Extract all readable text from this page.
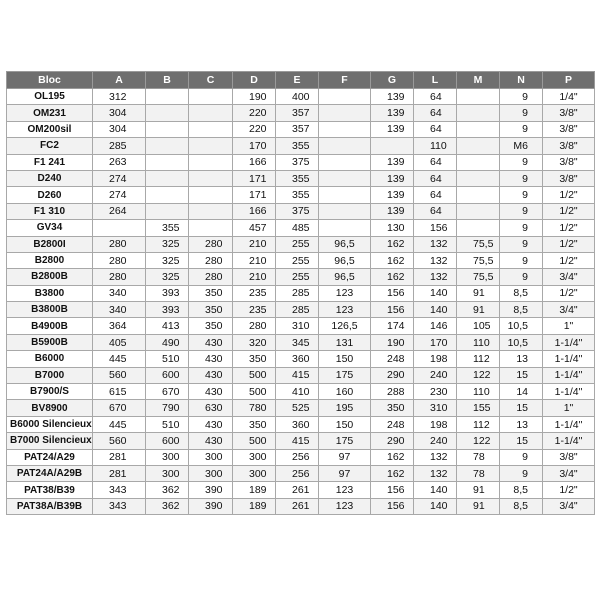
Bloc	A	B	C	D	E	F	G	L	M	N	P
OL195	312			190	400		139	64		9	1/4"
OM231	304			220	357		139	64		9	3/8"
OM200sil	304			220	357		139	64		9	3/8"
FC2	285			170	355			110		M6	3/8"
F1 241	263			166	375		139	64		9	3/8"
D240	274			171	355		139	64		9	3/8"
D260	274			171	355		139	64		9	1/2"
F1 310	264			166	375		139	64		9	1/2"
GV34		355		457	485		130	156		9	1/2"
B2800I	280	325	280	210	255	96,5	162	132	75,5	9	1/2"
B2800	280	325	280	210	255	96,5	162	132	75,5	9	1/2"
B2800B	280	325	280	210	255	96,5	162	132	75,5	9	3/4"
B3800	340	393	350	235	285	123	156	140	91	8,5	1/2"
B3800B	340	393	350	235	285	123	156	140	91	8,5	3/4"
B4900B	364	413	350	280	310	126,5	174	146	105	10,5	1"
B5900B	405	490	430	320	345	131	190	170	110	10,5	1-1/4"
B6000	445	510	430	350	360	150	248	198	112	13	1-1/4"
B7000	560	600	430	500	415	175	290	240	122	15	1-1/4"
B7900/S	615	670	430	500	410	160	288	230	110	14	1-1/4"
BV8900	670	790	630	780	525	195	350	310	155	15	1"
B6000 Silencieux	445	510	430	350	360	150	248	198	112	13	1-1/4"
B7000 Silencieux	560	600	430	500	415	175	290	240	122	15	1-1/4"
PAT24/A29	281	300	300	300	256	97	162	132	78	9	3/8"
PAT24A/A29B	281	300	300	300	256	97	162	132	78	9	3/4"
PAT38/B39	343	362	390	189	261	123	156	140	91	8,5	1/2"
PAT38A/B39B	343	362	390	189	261	123	156	140	91	8,5	3/4"
